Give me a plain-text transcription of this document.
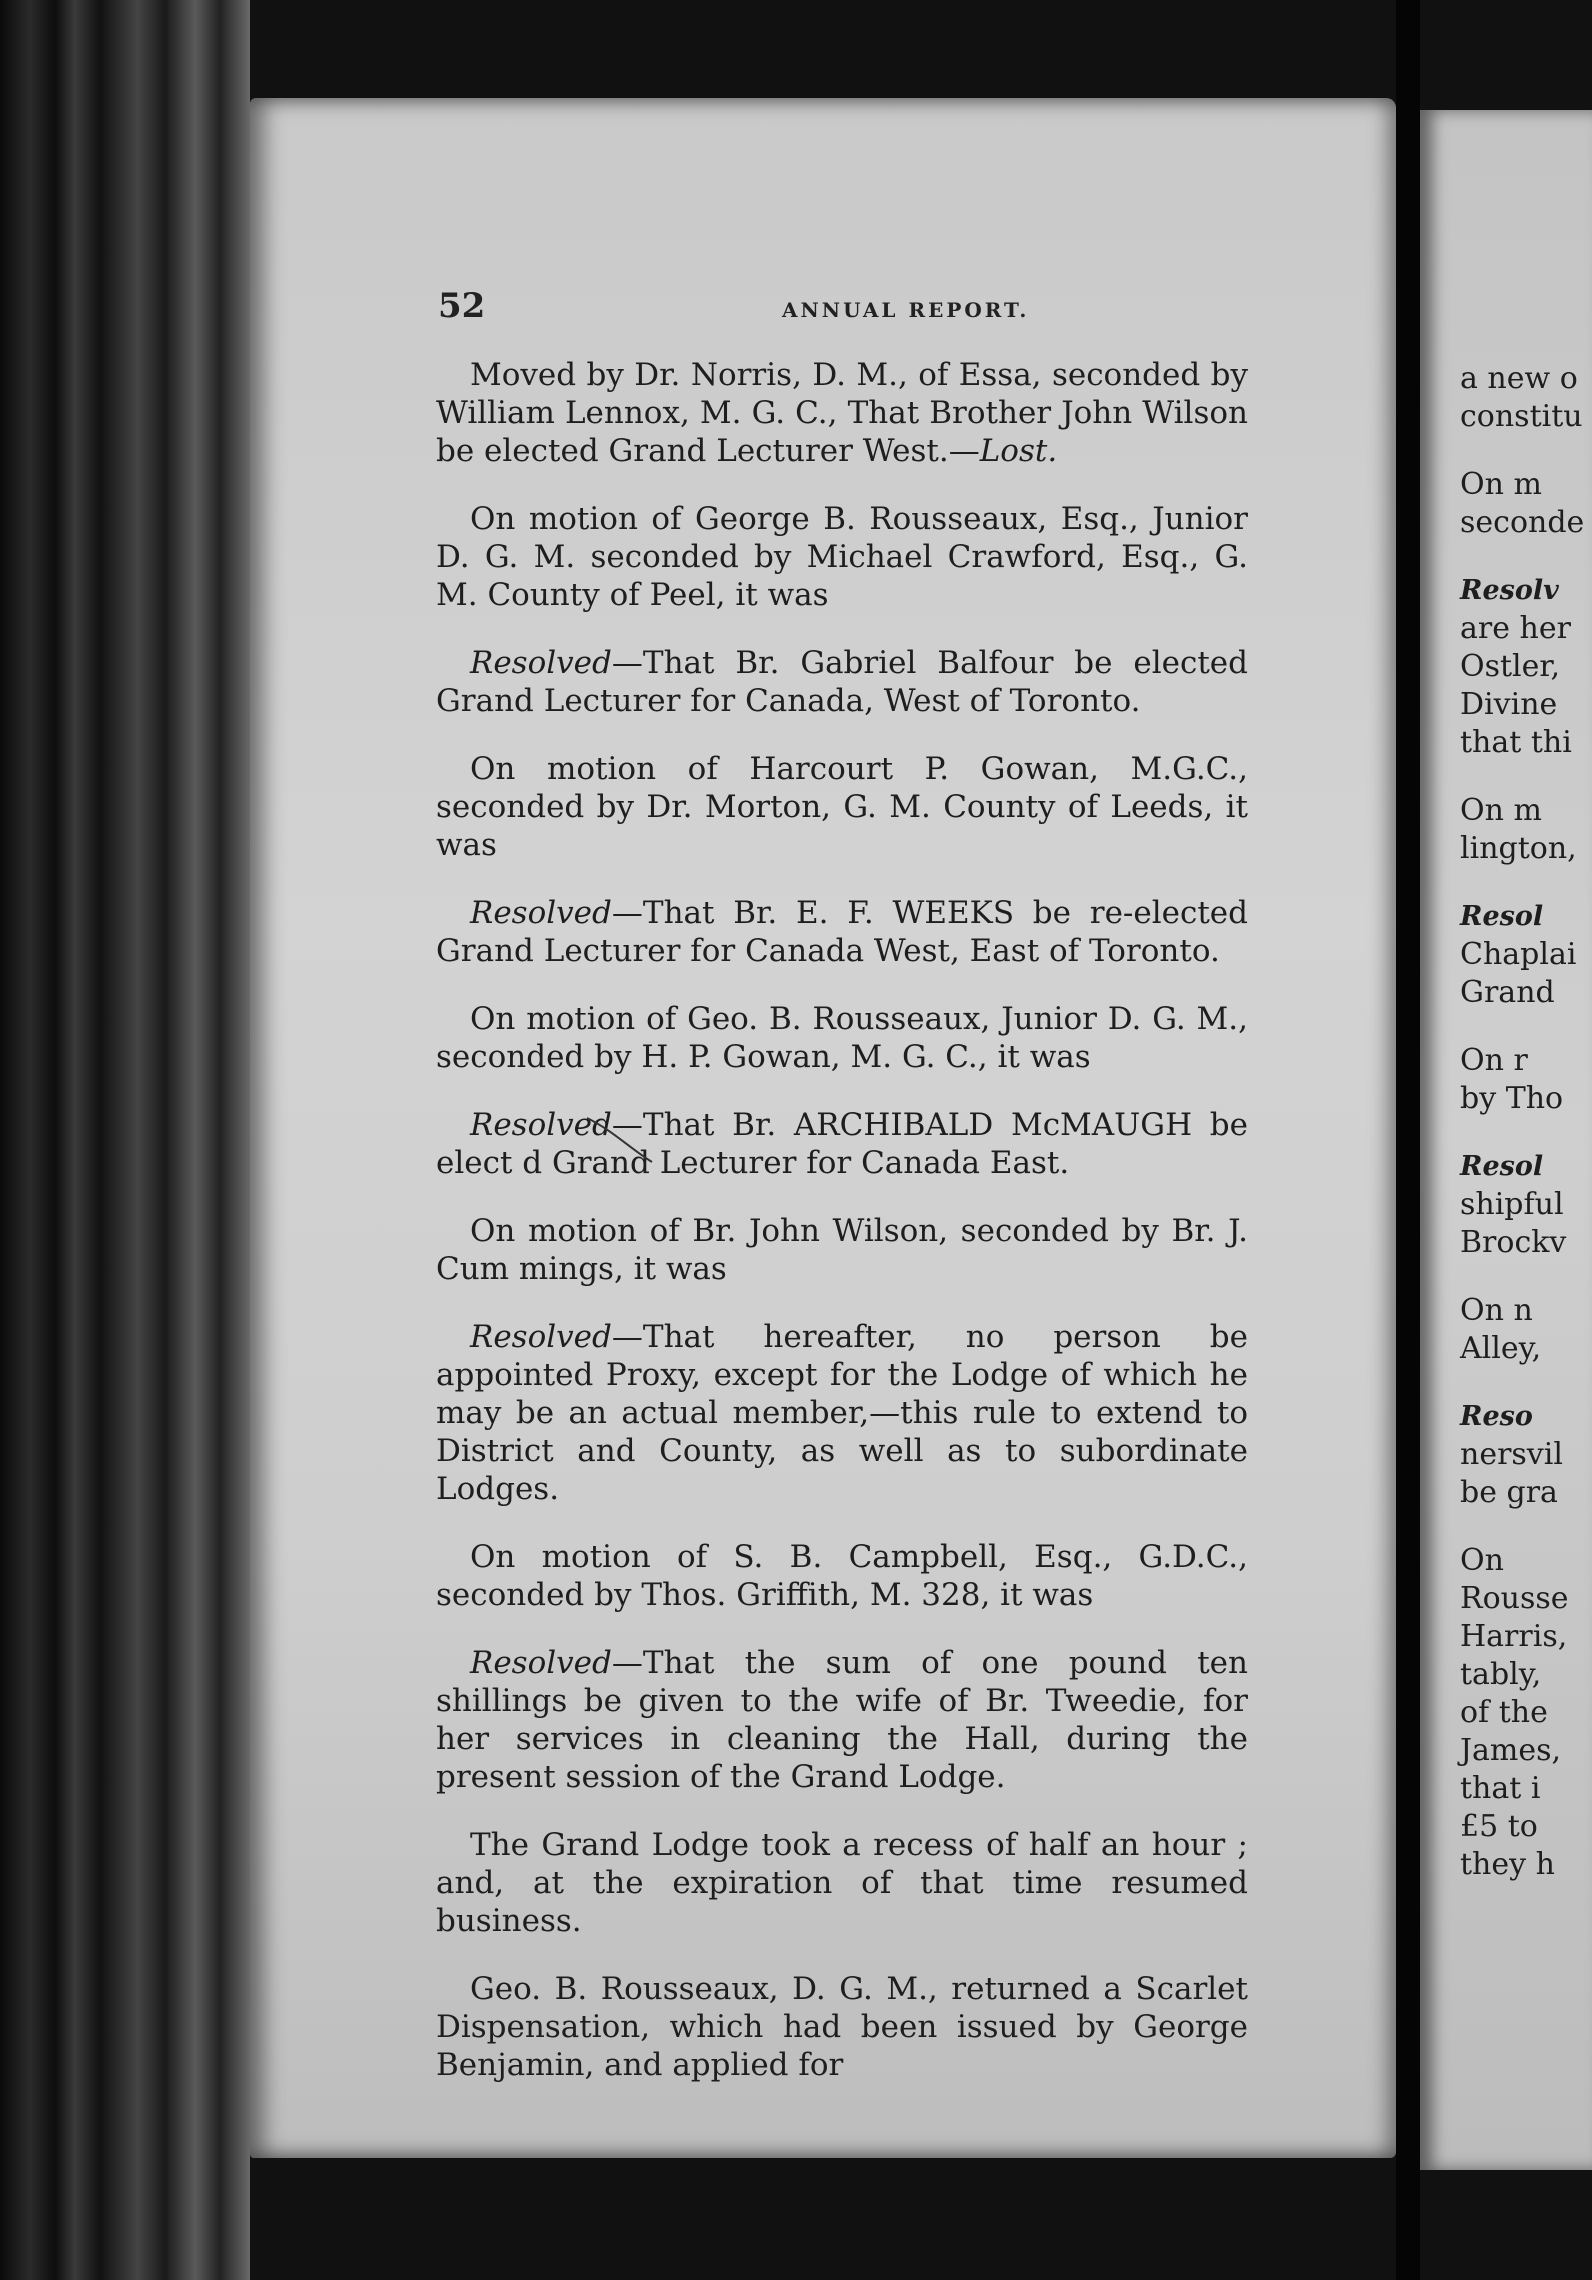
52	ANNUAL REPORT.

Moved by Dr. Norris, D. M., of Essa, seconded by William Lennox, M. G. C., That Brother John Wilson be elected Grand Lecturer West.—Lost.

On motion of George B. Rousseaux, Esq., Junior D. G. M. seconded by Michael Crawford, Esq., G. M. County of Peel, it was

Resolved—That Br. Gabriel Balfour be elected Grand Lecturer for Canada, West of Toronto.

On motion of Harcourt P. Gowan, M.G.C., seconded by Dr. Morton, G. M. County of Leeds, it was

Resolved—That Br. E. F. WEEKS be re-elected Grand Lecturer for Canada West, East of Toronto.

On motion of Geo. B. Rousseaux, Junior D. G. M., seconded by H. P. Gowan, M. G. C., it was

Resolved—That Br. ARCHIBALD McMAUGH be elect d Grand Lecturer for Canada East.

On motion of Br. John Wilson, seconded by Br. J. Cum mings, it was

Resolved—That hereafter, no person be appointed Proxy, except for the Lodge of which he may be an actual member,—this rule to extend to District and County, as well as to subordinate Lodges.

On motion of S. B. Campbell, Esq., G.D.C., seconded by Thos. Griffith, M. 328, it was

Resolved—That the sum of one pound ten shillings be given to the wife of Br. Tweedie, for her services in cleaning the Hall, during the present session of the Grand Lodge.

The Grand Lodge took a recess of half an hour ; and, at the expiration of that time resumed business.

Geo. B. Rousseaux, D. G. M., returned a Scarlet Dispensation, which had been issued by George Benjamin, and applied for

a new o
constitu
On m
seconde
Resolv
are her
Ostler,
Divine
that thi
On m
lington,
Resol
Chaplai
Grand
On r
by Tho
Resol
shipful
Brockv
On n
Alley,
Reso
nersvil
be gra
On
Rousse
Harris,
tably,
of the
James,
that i
£5 to
they h
